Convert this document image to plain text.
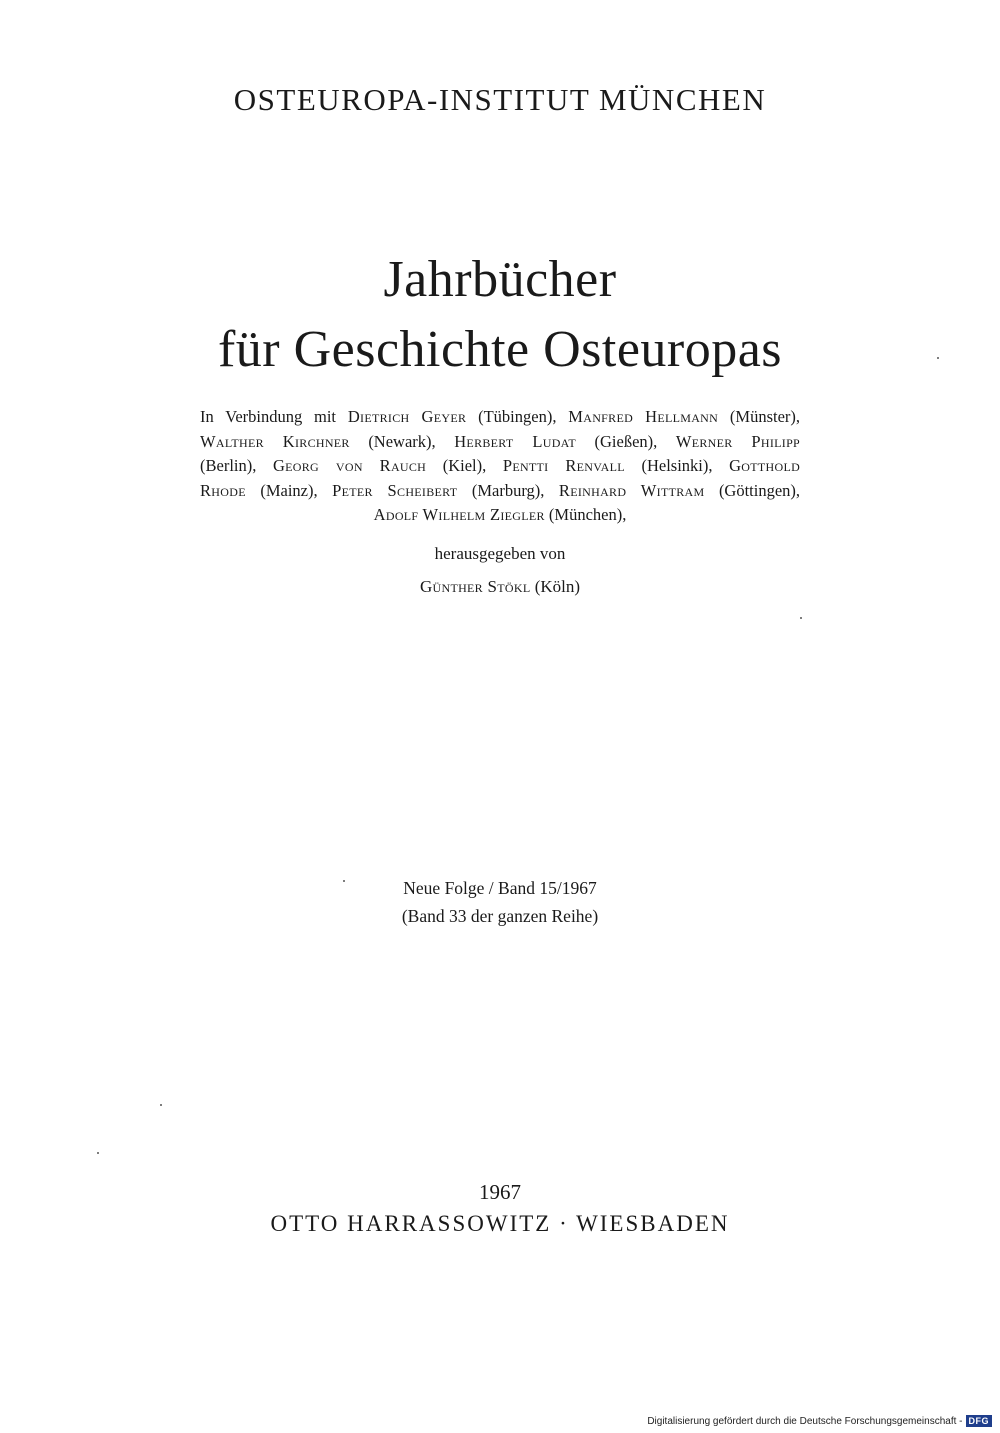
OSTEUROPA-INSTITUT MÜNCHEN
Jahrbücher
für Geschichte Osteuropas

In Verbindung mit Dietrich Geyer (Tübingen), Manfred Hellmann (Münster),

Walther Kirchner (Newark), Herbert Ludat (Gießen), Werner Philipp

(Berlin), Georg von Rauch (Kiel), Pentti Renvall (Helsinki), Gotthold

Rhode (Mainz), Peter Scheibert (Marburg), Reinhard Wittram (Göttingen),

Adolf Wilhelm Ziegler (München),

herausgegeben von
Günther Stökl (Köln)
Neue Folge / Band 15/1967
(Band 33 der ganzen Reihe)
1967
OTTO HARRASSOWITZ · WIESBADEN
Digitalisierung gefördert durch die Deutsche Forschungsgemeinschaft - DFG
